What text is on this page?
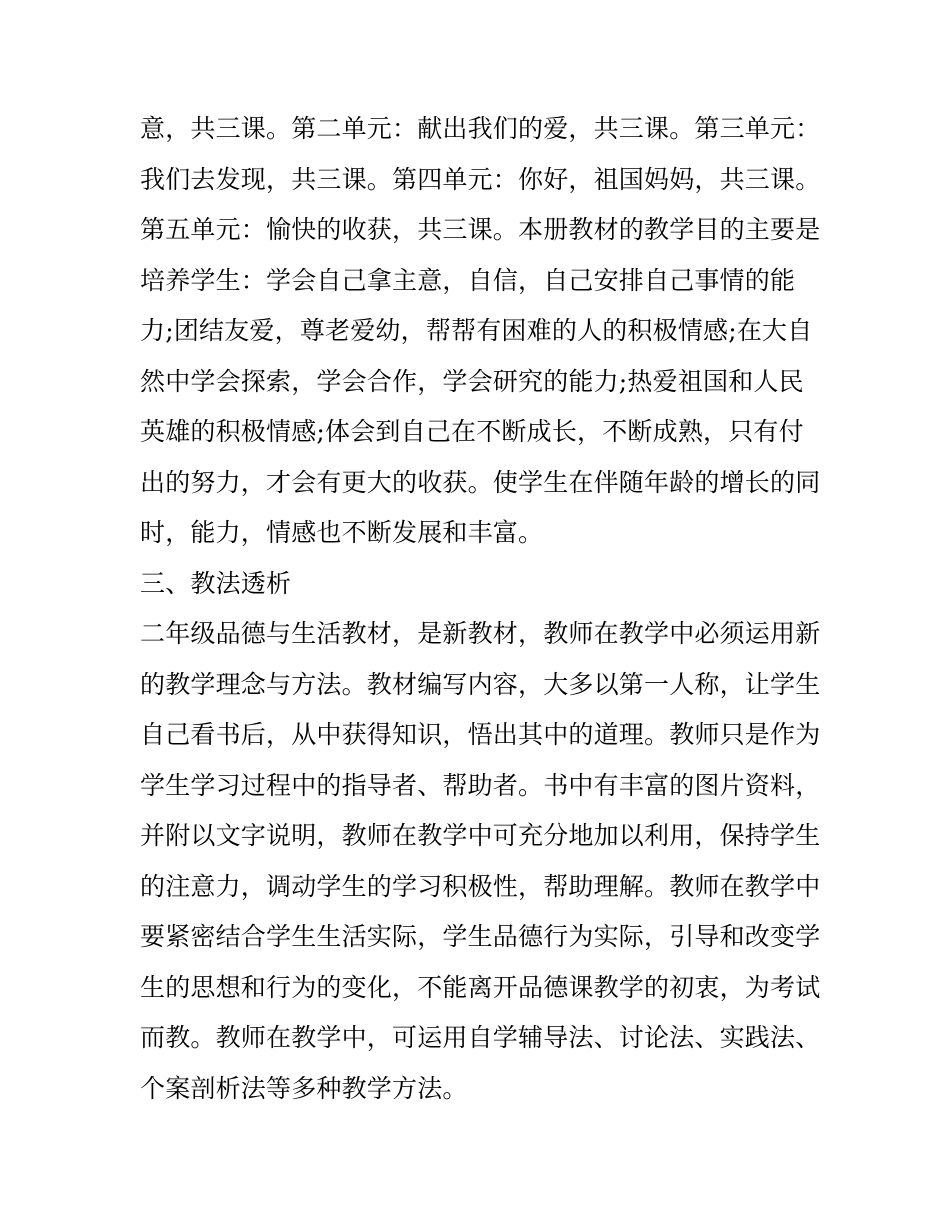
意，共三课。第二单元：献出我们的爱，共三课。第三单元：
我们去发现，共三课。第四单元：你好，祖国妈妈，共三课。
第五单元：愉快的收获，共三课。本册教材的教学目的主要是
培养学生：学会自己拿主意，自信，自己安排自己事情的能
力;团结友爱，尊老爱幼，帮帮有困难的人的积极情感;在大自
然中学会探索，学会合作，学会研究的能力;热爱祖国和人民
英雄的积极情感;体会到自己在不断成长，不断成熟，只有付
出的努力，才会有更大的收获。使学生在伴随年龄的增长的同
时，能力，情感也不断发展和丰富。
三、教法透析
二年级品德与生活教材，是新教材，教师在教学中必须运用新
的教学理念与方法。教材编写内容，大多以第一人称，让学生
自己看书后，从中获得知识，悟出其中的道理。教师只是作为
学生学习过程中的指导者、帮助者。书中有丰富的图片资料，
并附以文字说明，教师在教学中可充分地加以利用，保持学生
的注意力，调动学生的学习积极性，帮助理解。教师在教学中
要紧密结合学生生活实际，学生品德行为实际，引导和改变学
生的思想和行为的变化，不能离开品德课教学的初衷，为考试
而教。教师在教学中，可运用自学辅导法、讨论法、实践法、
个案剖析法等多种教学方法。
